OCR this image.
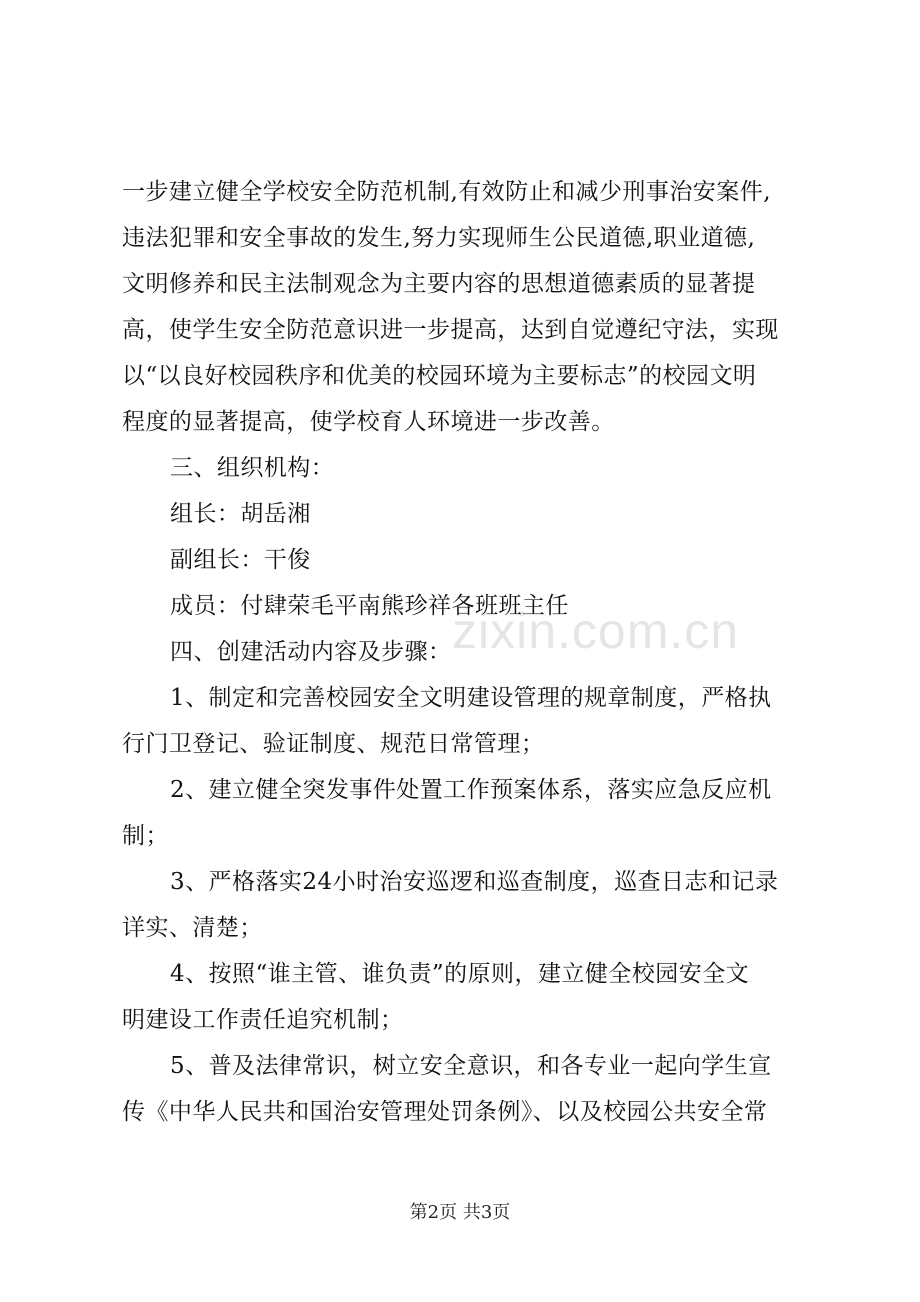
一步建立健全学校安全防范机制,有效防止和减少刑事治安案件,
违法犯罪和安全事故的发生,努力实现师生公民道德,职业道德,
文明修养和民主法制观念为主要内容的思想道德素质的显著提
高，使学生安全防范意识进一步提高，达到自觉遵纪守法，实现
以“以良好校园秩序和优美的校园环境为主要标志”的校园文明
程度的显著提高，使学校育人环境进一步改善。
三、组织机构：
组长：胡岳湘
副组长：干俊
成员：付肆荣毛平南熊珍祥各班班主任
四、创建活动内容及步骤：
1、制定和完善校园安全文明建设管理的规章制度，严格执
行门卫登记、验证制度、规范日常管理；
2、建立健全突发事件处置工作预案体系，落实应急反应机
制；
3、严格落实24小时治安巡逻和巡查制度，巡查日志和记录
详实、清楚；
4、按照“谁主管、谁负责”的原则，建立健全校园安全文
明建设工作责任追究机制；
5、普及法律常识，树立安全意识，和各专业一起向学生宣
传《中华人民共和国治安管理处罚条例》、以及校园公共安全常
zixin.com.cn
第2页 共3页
